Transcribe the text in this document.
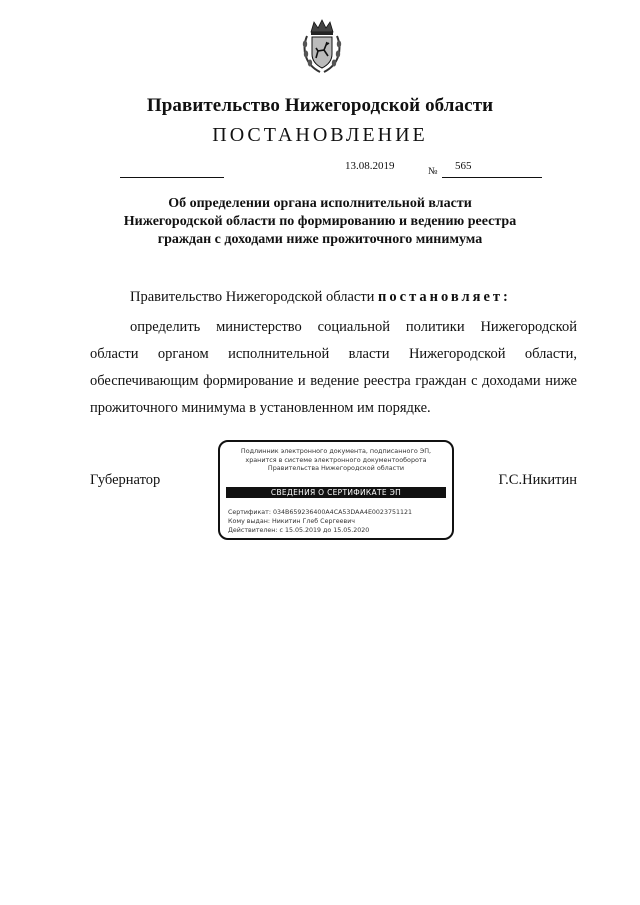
Правительство Нижегородской области
ПОСТАНОВЛЕНИЕ
13.08.2019	№ 565
Об определении органа исполнительной власти
Нижегородской области по формированию и ведению реестра
граждан с доходами ниже прожиточного минимума
Правительство Нижегородской области постановляет:
определить министерство социальной политики Нижегородской области органом исполнительной власти Нижегородской области, обеспечивающим формирование и ведение реестра граждан с доходами ниже прожиточного минимума в установленном им порядке.
Губернатор	Г.С.Никитин
Подлинник электронного документа, подписанного ЭП,
хранится в системе электронного документооборота
Правительства Нижегородской области
СВЕДЕНИЯ О СЕРТИФИКАТЕ ЭП
Сертификат: 034B659236400A4CA53DAA4E0023751121
Кому выдан: Никитин Глеб Сергеевич
Действителен: с 15.05.2019 до 15.05.2020
